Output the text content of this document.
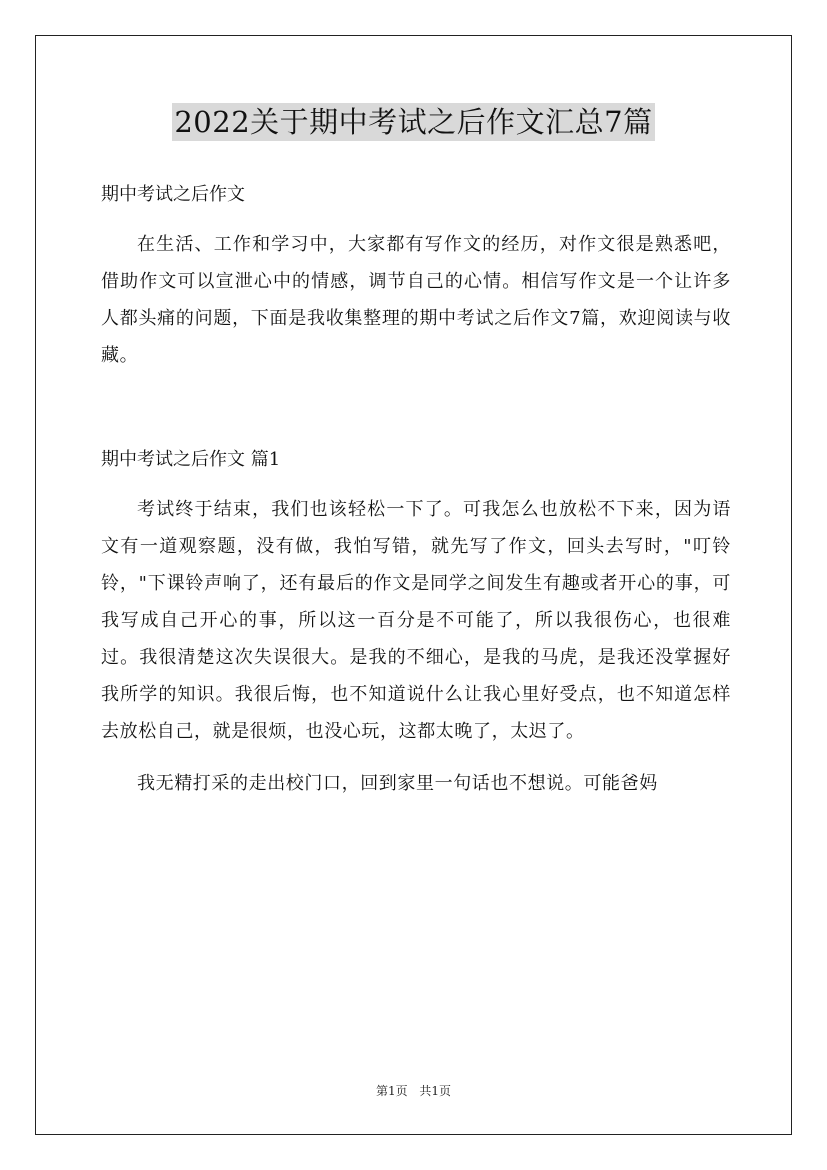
2022关于期中考试之后作文汇总7篇
期中考试之后作文

在生活、工作和学习中，大家都有写作文的经历，对作文很是熟悉吧，借助作文可以宣泄心中的情感，调节自己的心情。相信写作文是一个让许多人都头痛的问题，下面是我收集整理的期中考试之后作文7篇，欢迎阅读与收藏。

期中考试之后作文 篇1

考试终于结束，我们也该轻松一下了。可我怎么也放松不下来，因为语文有一道观察题，没有做，我怕写错，就先写了作文，回头去写时，"叮铃铃，"下课铃声响了，还有最后的作文是同学之间发生有趣或者开心的事，可我写成自己开心的事，所以这一百分是不可能了，所以我很伤心，也很难过。我很清楚这次失误很大。是我的不细心，是我的马虎，是我还没掌握好我所学的知识。我很后悔，也不知道说什么让我心里好受点，也不知道怎样去放松自己，就是很烦，也没心玩，这都太晚了，太迟了。

我无精打采的走出校门口，回到家里一句话也不想说。可能爸妈

第1页 共1页
